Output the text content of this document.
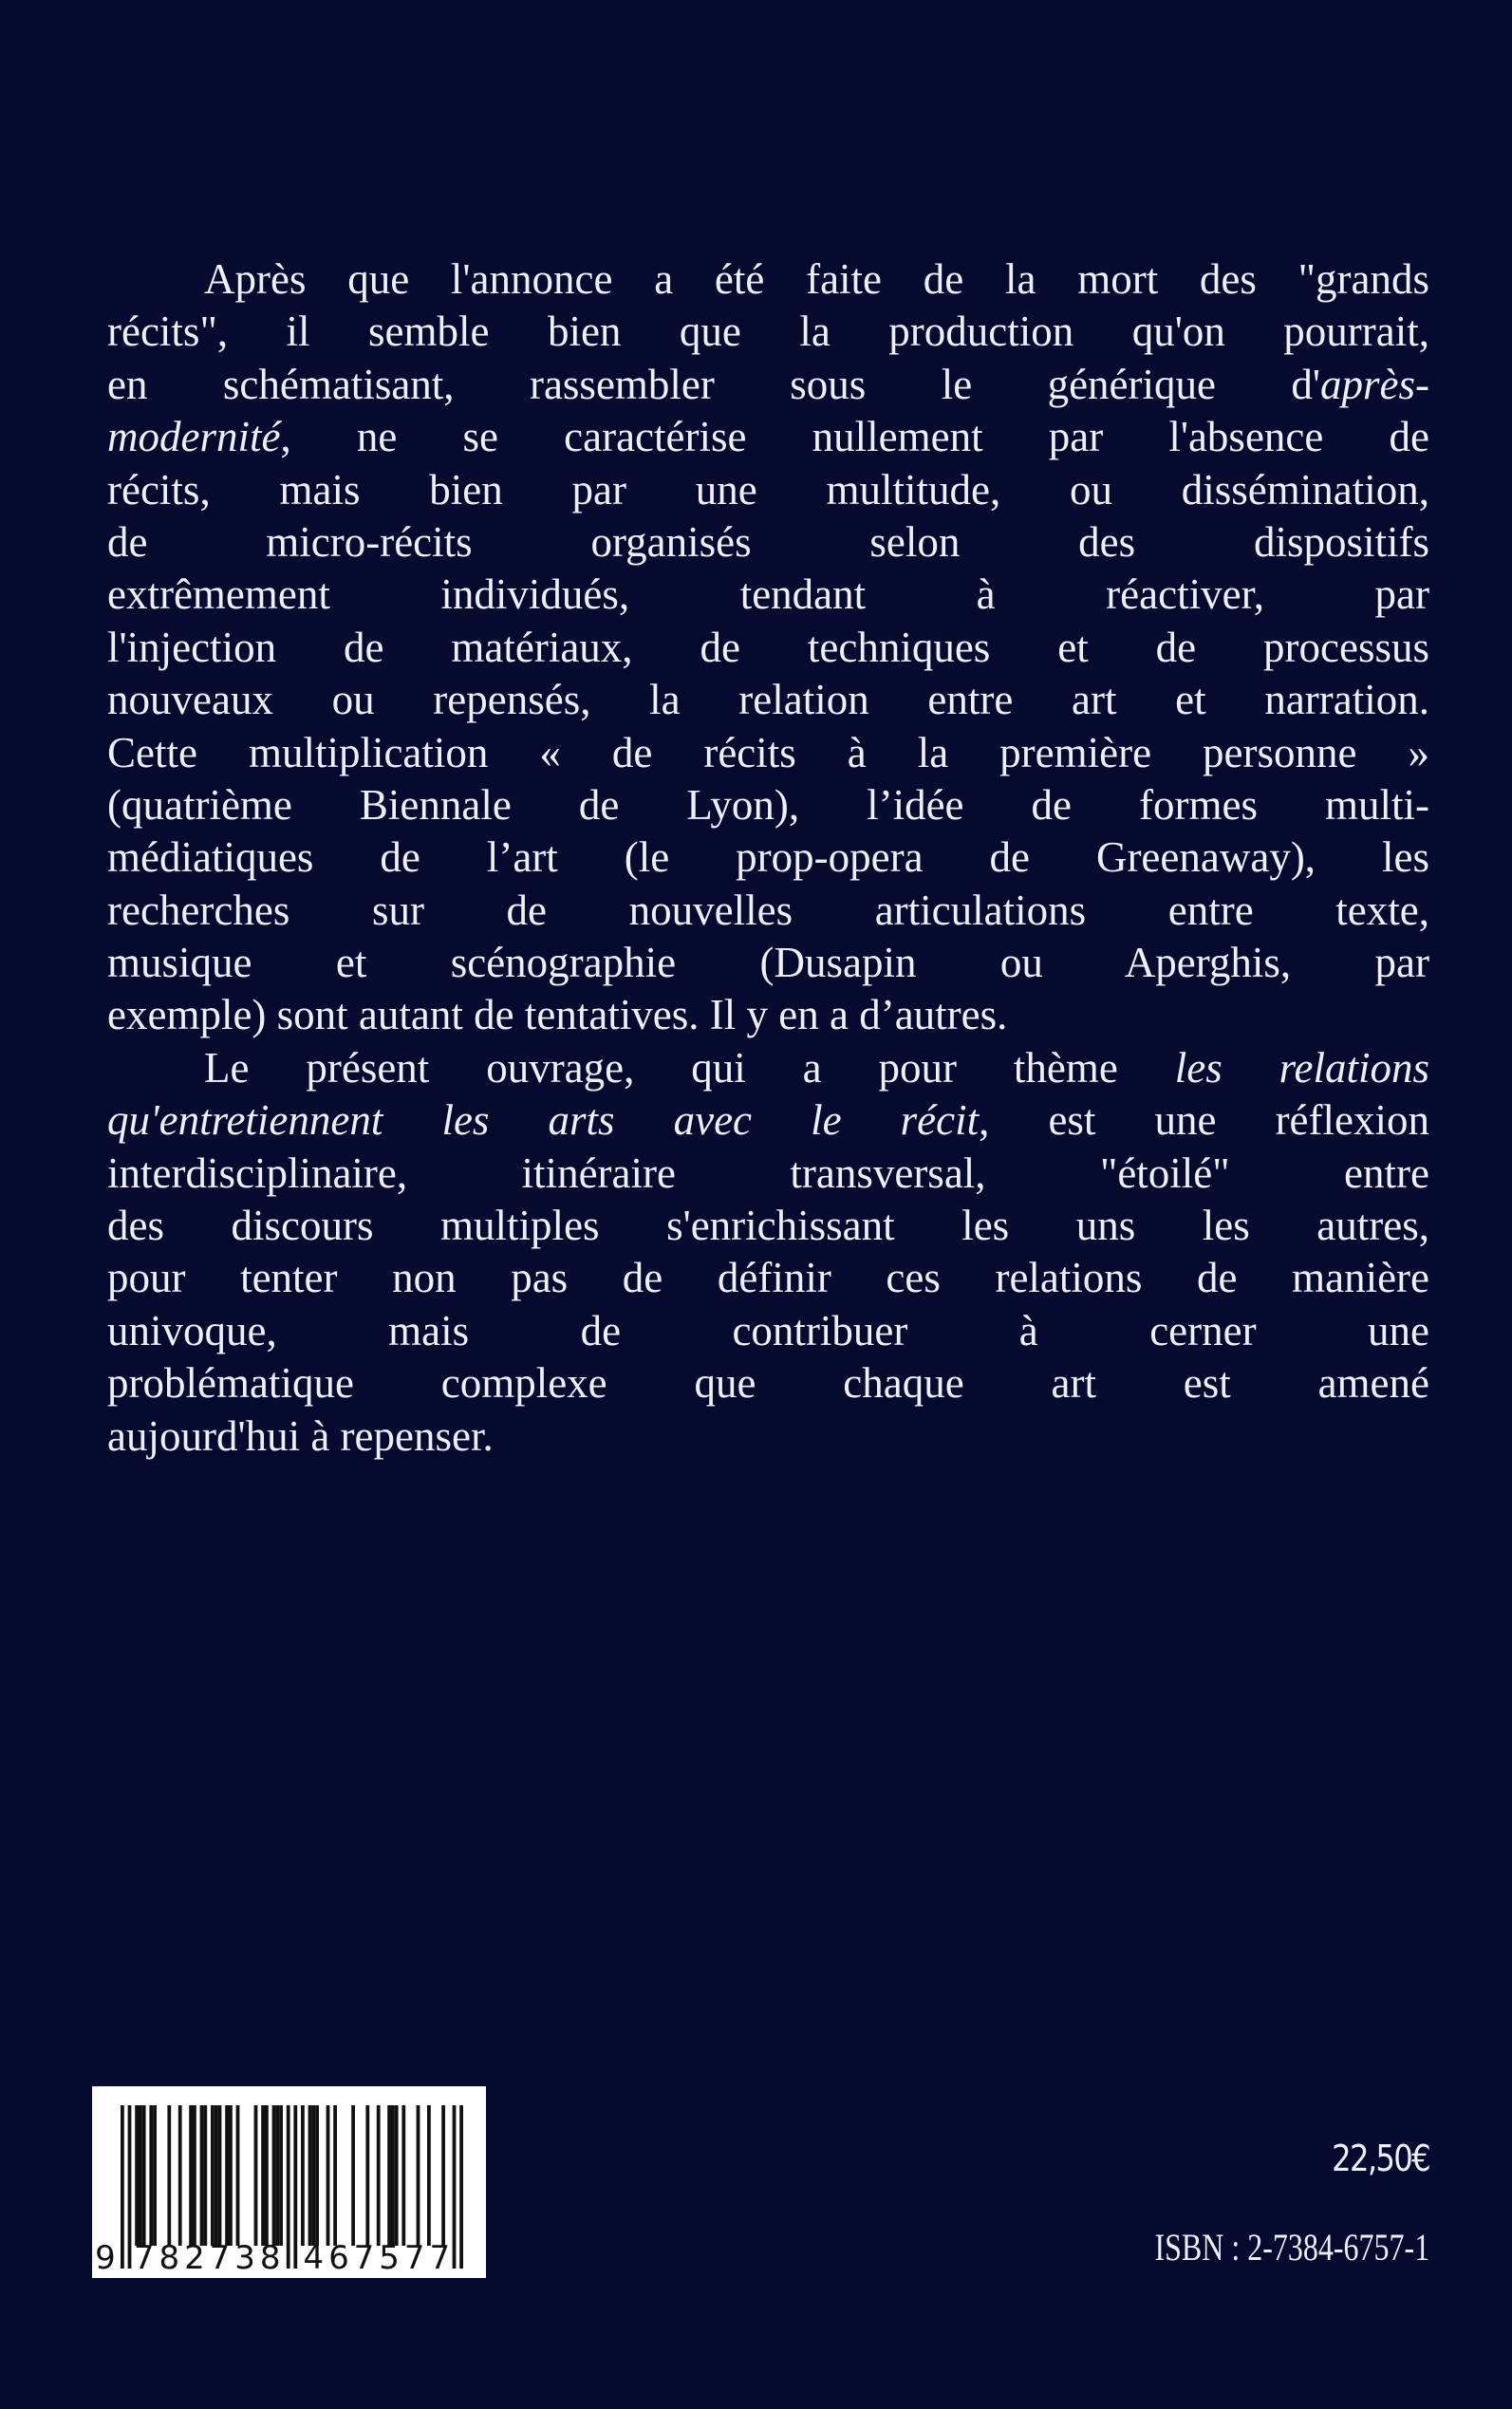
Après que l'annonce a été faite de la mort des "grands
récits", il semble bien que la production qu'on pourrait,
en schématisant, rassembler sous le générique d'après-
modernité, ne se caractérise nullement par l'absence de
récits, mais bien par une multitude, ou dissémination,
de micro-récits organisés selon des dispositifs
extrêmement individués, tendant à réactiver, par
l'injection de matériaux, de techniques et de processus
nouveaux ou repensés, la relation entre art et narration.
Cette multiplication « de récits à la première personne »
(quatrième Biennale de Lyon), l’idée de formes multi-
médiatiques de l’art (le prop-opera de Greenaway), les
recherches sur de nouvelles articulations entre texte,
musique et scénographie (Dusapin ou Aperghis, par
exemple) sont autant de tentatives. Il y en a d’autres.
Le présent ouvrage, qui a pour thème les relations
qu'entretiennent les arts avec le récit, est une réflexion
interdisciplinaire, itinéraire transversal, "étoilé" entre
des discours multiples s'enrichissant les uns les autres,
pour tenter non pas de définir ces relations de manière
univoque, mais de contribuer à cerner une
problématique complexe que chaque art est amené
aujourd'hui à repenser.
9 7 8 2 7 3 8 4 6 7 5 7 7
22,50€
ISBN : 2-7384-6757-1
